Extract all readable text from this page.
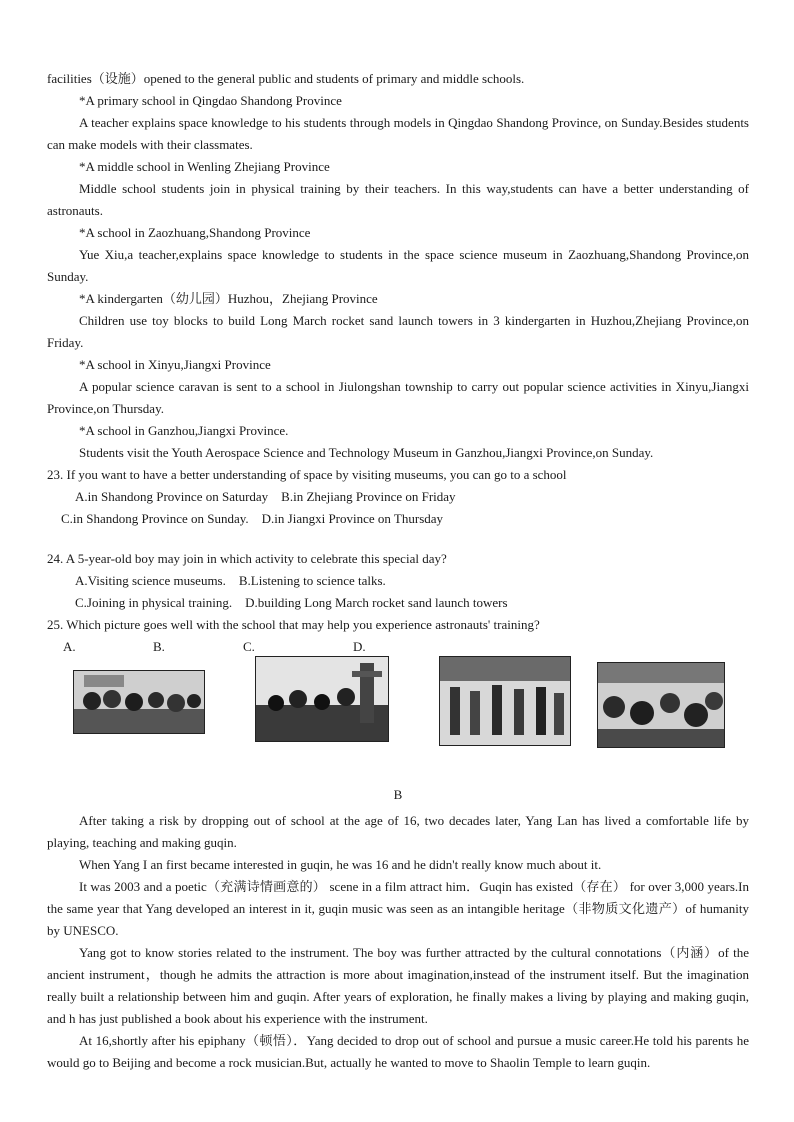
facilities（设施）opened to the general public and students of primary and middle schools.

*A primary school in Qingdao Shandong Province

A teacher explains space knowledge to his students through models in Qingdao Shandong Province, on Sunday.Besides students can make models with their classmates.

*A middle school in Wenling Zhejiang Province

Middle school students join in physical training by their teachers. In this way,students can have a better understanding of astronauts.

*A school in Zaozhuang,Shandong Province

Yue Xiu,a teacher,explains space knowledge to students in the space science museum in Zaozhuang,Shandong Province,on Sunday.

*A kindergarten（幼儿园）Huzhou，Zhejiang Province

Children use toy blocks to build Long March rocket sand launch towers in 3 kindergarten in Huzhou,Zhejiang Province,on Friday.

*A school in Xinyu,Jiangxi Province

A popular science caravan is sent to a school in Jiulongshan township to carry out popular science activities in Xinyu,Jiangxi Province,on Thursday.

*A school in Ganzhou,Jiangxi Province.

Students visit the Youth Aerospace Science and Technology Museum in Ganzhou,Jiangxi Province,on Sunday.

23. If you want to have a better understanding of space by visiting museums, you can go to a school

A.in Shandong Province on Saturday    B.in Zhejiang Province on Friday

C.in Shandong Province on Sunday.    D.in Jiangxi Province on Thursday

24. A 5-year-old boy may join in which activity to celebrate this special day?

A.Visiting science museums.    B.Listening to science talks.

C.Joining in physical training.    D.building Long March rocket sand launch towers

25. Which picture goes well with the school that may help you experience astronauts' training?

A.	B.	C.	D.

B

After taking a risk by dropping out of school at the age of 16, two decades later, Yang Lan has lived a comfortable life by playing, teaching and making guqin.

When Yang I an first became interested in guqin, he was 16 and he didn't really know much about it.

It was 2003 and a poetic（充满诗情画意的） scene in a film attract him．Guqin has existed（存在） for over 3,000 years.In the same year that Yang developed an interest in it, guqin music was seen as an intangible heritage（非物质文化遗产）of humanity by UNESCO.

Yang got to know stories related to the instrument. The boy was further attracted by the cultural connotations（内涵）of the ancient instrument，though he admits the attraction is more about imagination,instead of the instrument itself. But the imagination really built a relationship between him and guqin. After years of exploration, he finally makes a living by playing and making guqin, and h has just published a book about his experience with the instrument.

At 16,shortly after his epiphany（顿悟）．Yang decided to drop out of school and pursue a music career.He told his parents he would go to Beijing and become a rock musician.But, actually he wanted to move to Shaolin Temple to learn guqin.
